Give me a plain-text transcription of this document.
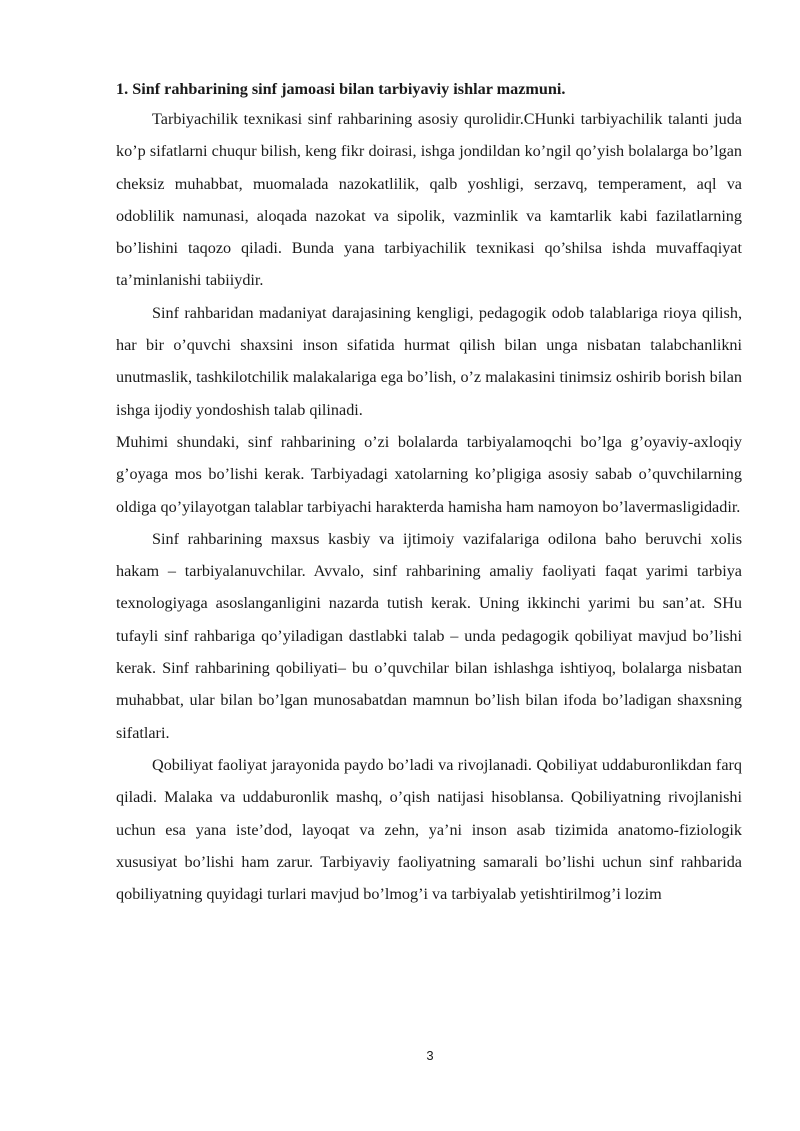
1. Sinf rahbarining sinf jamoasi bilan tarbiyaviy ishlar mazmuni.

Tarbiyachilik texnikasi sinf rahbarining asosiy qurolidir.CHunki tarbiyachilik talanti juda ko’p sifatlarni chuqur bilish, keng fikr doirasi, ishga jondildan ko’ngil qo’yish bolalarga bo’lgan cheksiz muhabbat, muomalada nazokatlilik, qalb yoshligi, serzavq, temperament, aql va odoblilik namunasi, aloqada nazokat va sipolik, vazminlik va kamtarlik kabi fazilatlarning bo’lishini taqozo qiladi. Bunda yana tarbiyachilik texnikasi qo’shilsa ishda muvaffaqiyat ta’minlanishi tabiiydir.

Sinf rahbaridan madaniyat darajasining kengligi, pedagogik odob talablariga rioya qilish, har bir o’quvchi shaxsini inson sifatida hurmat qilish bilan unga nisbatan talabchanlikni unutmaslik, tashkilotchilik malakalariga ega bo’lish, o’z malakasini tinimsiz oshirib borish bilan ishga ijodiy yondoshish talab qilinadi.

Muhimi shundaki, sinf rahbarining o’zi bolalarda tarbiyalamoqchi bo’lga g’oyaviy-axloqiy g’oyaga mos bo’lishi kerak. Tarbiyadagi xatolarning ko’pligiga asosiy sabab o’quvchilarning oldiga qo’yilayotgan talablar tarbiyachi harakterda hamisha ham namoyon bo’lavermasligidadir.

Sinf rahbarining maxsus kasbiy va ijtimoiy vazifalariga odilona baho beruvchi xolis hakam – tarbiyalanuvchilar. Avvalo, sinf rahbarining amaliy faoliyati faqat yarimi tarbiya texnologiyaga asoslanganligini nazarda tutish kerak. Uning ikkinchi yarimi bu san’at. SHu tufayli sinf rahbariga qo’yiladigan dastlabki talab – unda pedagogik qobiliyat mavjud bo’lishi kerak. Sinf rahbarining qobiliyati– bu o’quvchilar bilan ishlashga ishtiyoq, bolalarga nisbatan muhabbat, ular bilan bo’lgan munosabatdan mamnun bo’lish bilan ifoda bo’ladigan shaxsning sifatlari.

Qobiliyat faoliyat jarayonida paydo bo’ladi va rivojlanadi. Qobiliyat uddaburonlikdan farq qiladi. Malaka va uddaburonlik mashq, o’qish natijasi hisoblansa. Qobiliyatning rivojlanishi uchun esa yana iste’dod, layoqat va zehn, ya’ni inson asab tizimida anatomo-fiziologik xususiyat bo’lishi ham zarur. Tarbiyaviy faoliyatning samarali bo’lishi uchun sinf rahbarida qobiliyatning quyidagi turlari mavjud bo’lmog’i va tarbiyalab yetishtirilmog’i lozim

3
